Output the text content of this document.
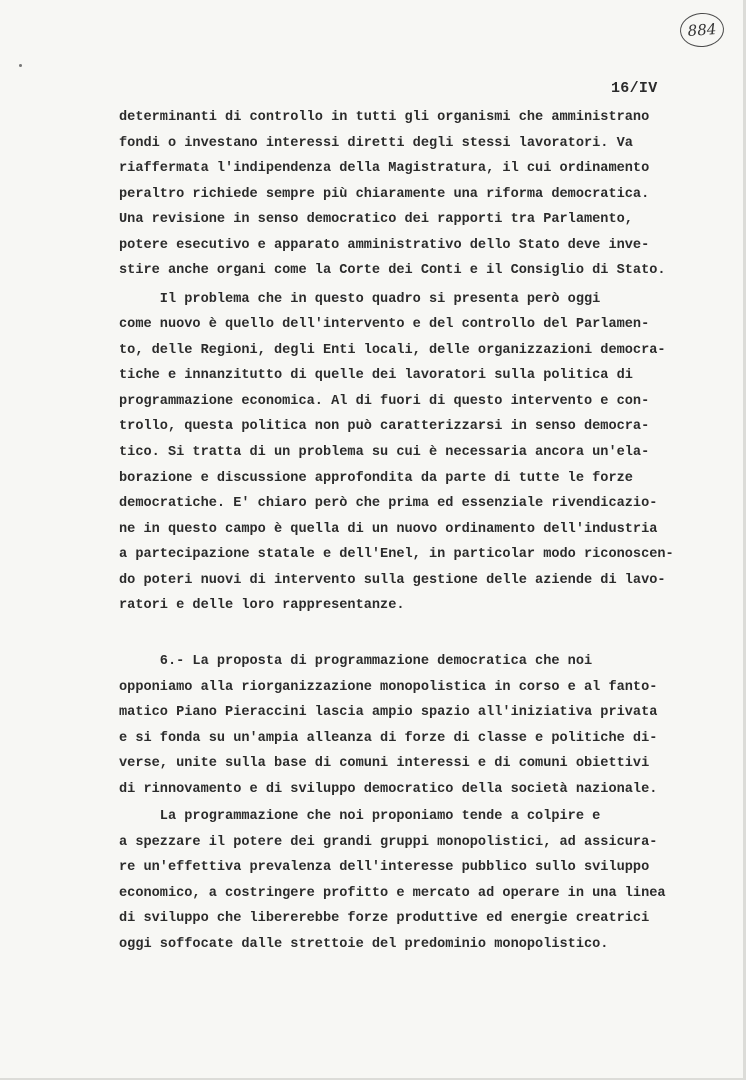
884
16/IV
determinanti di controllo in tutti gli organismi che amministrano
fondi o investano interessi diretti degli stessi lavoratori. Va
riaffermata l'indipendenza della Magistratura, il cui ordinamento
peraltro richiede sempre più chiaramente una riforma democratica.
Una revisione in senso democratico dei rapporti tra Parlamento,
potere esecutivo e apparato amministrativo dello Stato deve inve-
stire anche organi come la Corte dei Conti e il Consiglio di Stato.
Il problema che in questo quadro si presenta però oggi
come nuovo è quello dell'intervento e del controllo del Parlamen-
to, delle Regioni, degli Enti locali, delle organizzazioni democra-
tiche e innanzitutto di quelle dei lavoratori sulla politica di
programmazione economica. Al di fuori di questo intervento e con-
trollo, questa politica non può caratterizzarsi in senso democra-
tico. Si tratta di un problema su cui è necessaria ancora un'ela-
borazione e discussione approfondita da parte di tutte le forze
democratiche. E' chiaro però che prima ed essenziale rivendicazio-
ne in questo campo è quella di un nuovo ordinamento dell'industria
a partecipazione statale e dell'Enel, in particolar modo riconoscen-
do poteri nuovi di intervento sulla gestione delle aziende di lavo-
ratori e delle loro rappresentanze.
6.- La proposta di programmazione democratica che noi
opponiamo alla riorganizzazione monopolistica in corso e al fanto-
matico Piano Pieraccini lascia ampio spazio all'iniziativa privata
e si fonda su un'ampia alleanza di forze di classe e politiche di-
verse, unite sulla base di comuni interessi e di comuni obiettivi
di rinnovamento e di sviluppo democratico della società nazionale.
La programmazione che noi proponiamo tende a colpire e
a spezzare il potere dei grandi gruppi monopolistici, ad assicura-
re un'effettiva prevalenza dell'interesse pubblico sullo sviluppo
economico, a costringere profitto e mercato ad operare in una linea
di sviluppo che libererebbe forze produttive ed energie creatrici
oggi soffocate dalle strettoie del predominio monopolistico.
